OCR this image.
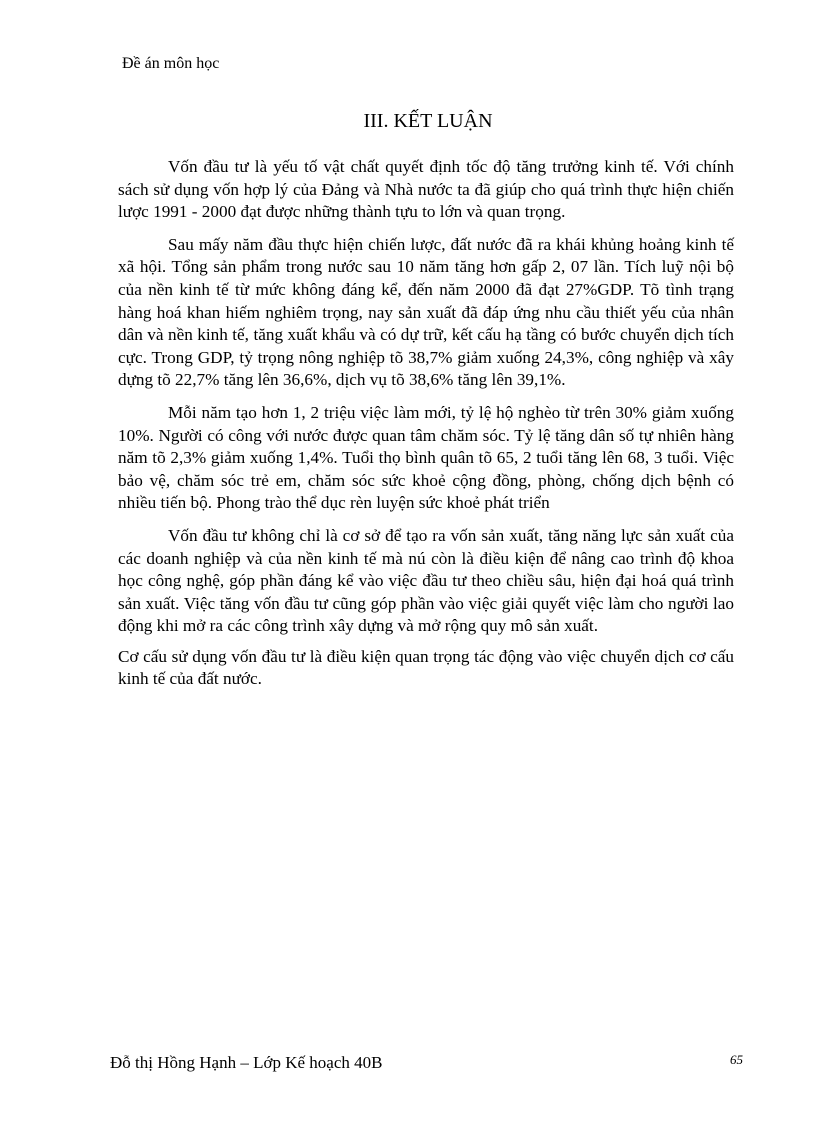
Đề án môn học
III. KẾT LUẬN

Vốn đầu tư là yếu tố vật chất quyết định tốc độ tăng trưởng kinh tế. Với chính sách sử dụng vốn hợp lý của Đảng và Nhà nước ta đã giúp cho quá trình thực hiện chiến lược 1991 - 2000 đạt được những thành tựu to lớn và quan trọng.

Sau mấy năm đầu thực hiện chiến lược, đất nước đã ra khái khủng hoảng kinh tế xã hội. Tổng sản phẩm trong nước sau 10 năm tăng hơn gấp 2, 07 lần. Tích luỹ nội bộ của nền kinh tế từ mức không đáng kể, đến năm 2000 đã đạt 27%GDP. Tõ tình trạng hàng hoá khan hiếm nghiêm trọng, nay sản xuất đã đáp ứng nhu cầu thiết yếu của nhân dân và nền kinh tế, tăng xuất khẩu và có dự trữ, kết cấu hạ tầng có bước chuyển dịch tích cực. Trong GDP, tỷ trọng nông nghiệp tõ 38,7% giảm xuống 24,3%, công nghiệp và xây dựng tõ 22,7% tăng lên 36,6%, dịch vụ tõ 38,6% tăng lên 39,1%.

Mỗi năm tạo hơn 1, 2 triệu việc làm mới, tỷ lệ hộ nghèo từ trên 30% giảm xuống 10%. Người có công với nước được quan tâm chăm sóc. Tỷ lệ tăng dân số tự nhiên hàng năm tõ 2,3% giảm xuống 1,4%. Tuổi thọ bình quân tõ 65, 2 tuổi tăng lên 68, 3 tuổi. Việc bảo vệ, chăm sóc trẻ em, chăm sóc sức khoẻ cộng đồng, phòng, chống dịch bệnh có nhiều tiến bộ. Phong trào thể dục rèn luyện sức khoẻ phát triển

Vốn đầu tư không chỉ là cơ sở để tạo ra vốn sản xuất, tăng năng lực sản xuất của các doanh nghiệp và của nền kinh tế mà nú còn là điều kiện để nâng cao trình độ khoa học công nghệ, góp phần đáng kể vào việc đầu tư theo chiều sâu, hiện đại hoá quá trình sản xuất. Việc tăng vốn đầu tư cũng góp phần vào việc giải quyết việc làm cho người lao động khi mở ra các công trình xây dựng và mở rộng quy mô sản xuất.

Cơ cấu sử dụng vốn đầu tư là điều kiện quan trọng tác động vào việc chuyển dịch cơ cấu kinh tế của đất nước.

Đỗ thị Hồng Hạnh – Lớp Kế hoạch 40B	65
